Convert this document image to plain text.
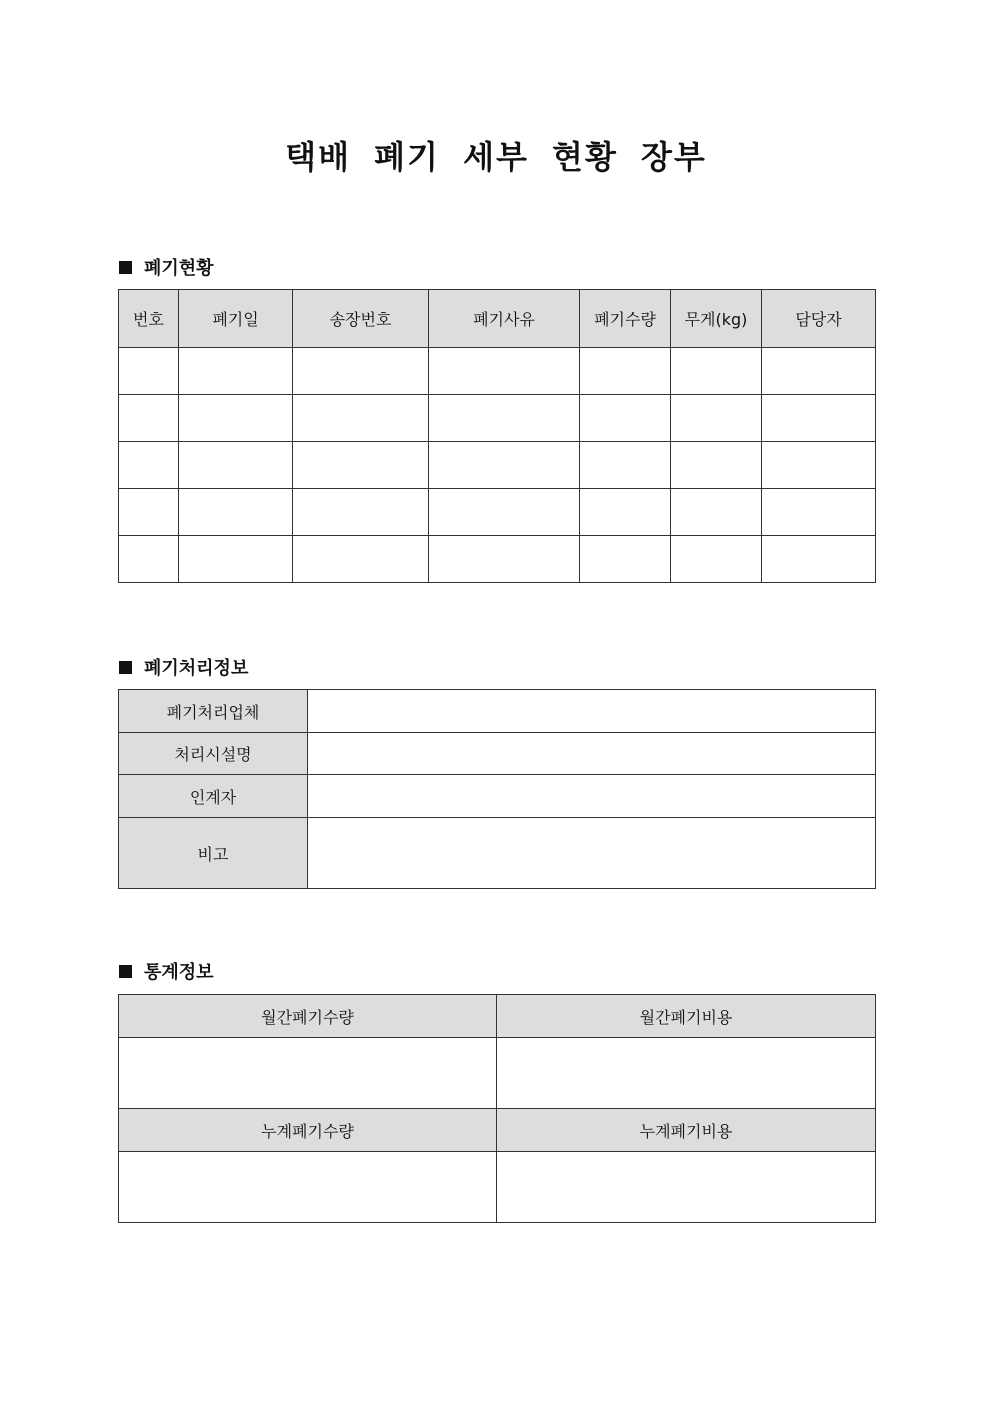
택배 폐기 세부 현황 장부
폐기현황
번호	폐기일	송장번호	폐기사유	폐기수량	무게(kg)	담당자

폐기처리정보
폐기처리업체	
처리시설명	
인계자	
비고	
통계정보
월간폐기수량	월간폐기비용

누계폐기수량	누계폐기비용
